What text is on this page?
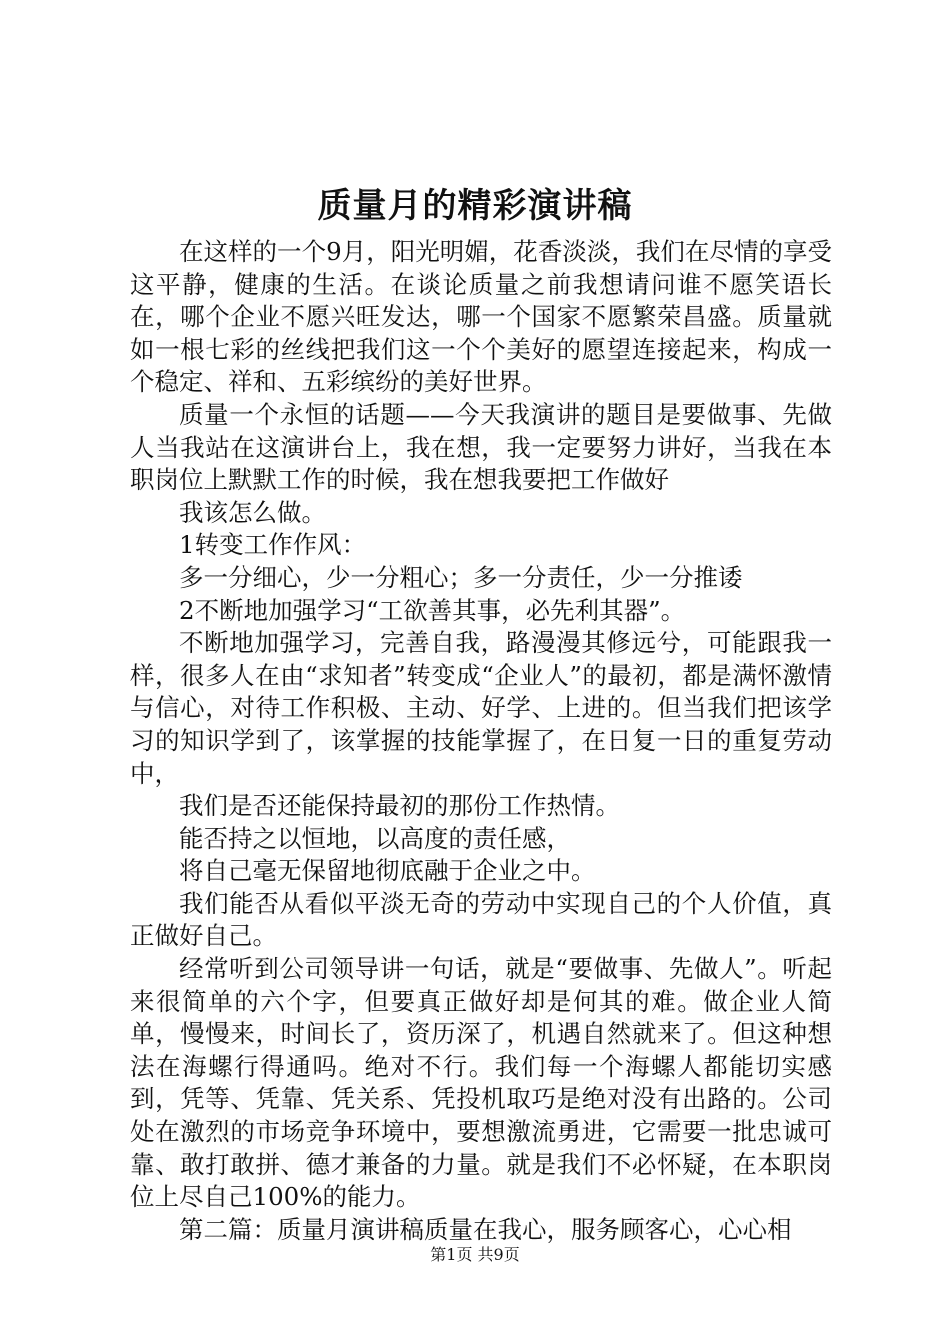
质量月的精彩演讲稿

在这样的一个9月，阳光明媚，花香淡淡，我们在尽情的享受这平静，健康的生活。在谈论质量之前我想请问谁不愿笑语长在，哪个企业不愿兴旺发达，哪一个国家不愿繁荣昌盛。质量就如一根七彩的丝线把我们这一个个美好的愿望连接起来，构成一个稳定、祥和、五彩缤纷的美好世界。

质量一个永恒的话题——今天我演讲的题目是要做事、先做人当我站在这演讲台上，我在想，我一定要努力讲好，当我在本职岗位上默默工作的时候，我在想我要把工作做好

我该怎么做。

1转变工作作风：

多一分细心，少一分粗心；多一分责任，少一分推诿

2不断地加强学习“工欲善其事，必先利其器”。

不断地加强学习，完善自我，路漫漫其修远兮，可能跟我一样，很多人在由“求知者”转变成“企业人”的最初，都是满怀激情与信心，对待工作积极、主动、好学、上进的。但当我们把该学习的知识学到了，该掌握的技能掌握了，在日复一日的重复劳动中，

我们是否还能保持最初的那份工作热情。

能否持之以恒地，以高度的责任感，

将自己毫无保留地彻底融于企业之中。

我们能否从看似平淡无奇的劳动中实现自己的个人价值，真正做好自己。

经常听到公司领导讲一句话，就是“要做事、先做人”。听起来很简单的六个字，但要真正做好却是何其的难。做企业人简单，慢慢来，时间长了，资历深了，机遇自然就来了。但这种想法在海螺行得通吗。绝对不行。我们每一个海螺人都能切实感到，凭等、凭靠、凭关系、凭投机取巧是绝对没有出路的。公司处在激烈的市场竞争环境中，要想激流勇进，它需要一批忠诚可靠、敢打敢拼、德才兼备的力量。就是我们不必怀疑，在本职岗位上尽自己100%的能力。

第二篇：质量月演讲稿质量在我心，服务顾客心，心心相

第1页 共9页
